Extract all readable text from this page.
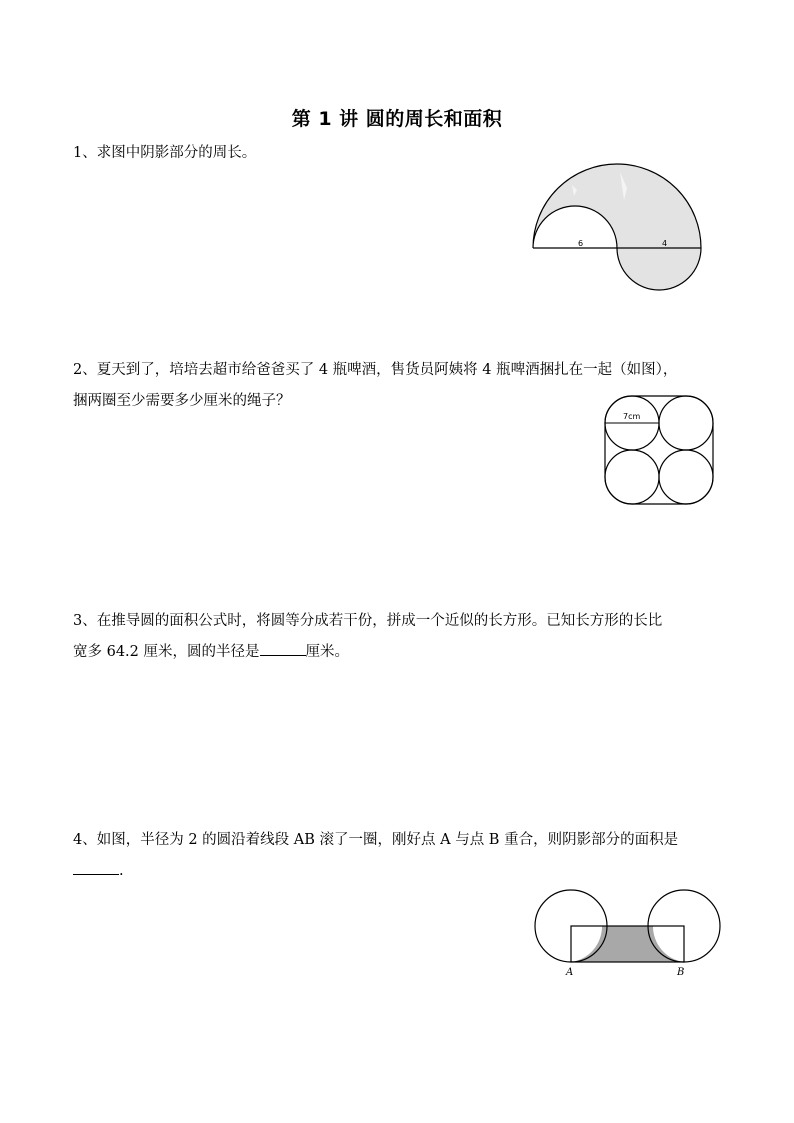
第 1 讲 圆的周长和面积
1、求图中阴影部分的周长。
6	4
2、夏天到了，培培去超市给爸爸买了 4 瓶啤酒，售货员阿姨将 4 瓶啤酒捆扎在一起（如图），
捆两圈至少需要多少厘米的绳子？
7cm
3、在推导圆的面积公式时，将圆等分成若干份，拼成一个近似的长方形。已知长方形的长比
宽多 64.2 厘米，圆的半径是	厘米。
4、如图，半径为 2 的圆沿着线段 AB 滚了一圈，刚好点 A 与点 B 重合，则阴影部分的面积是
.
A	B
